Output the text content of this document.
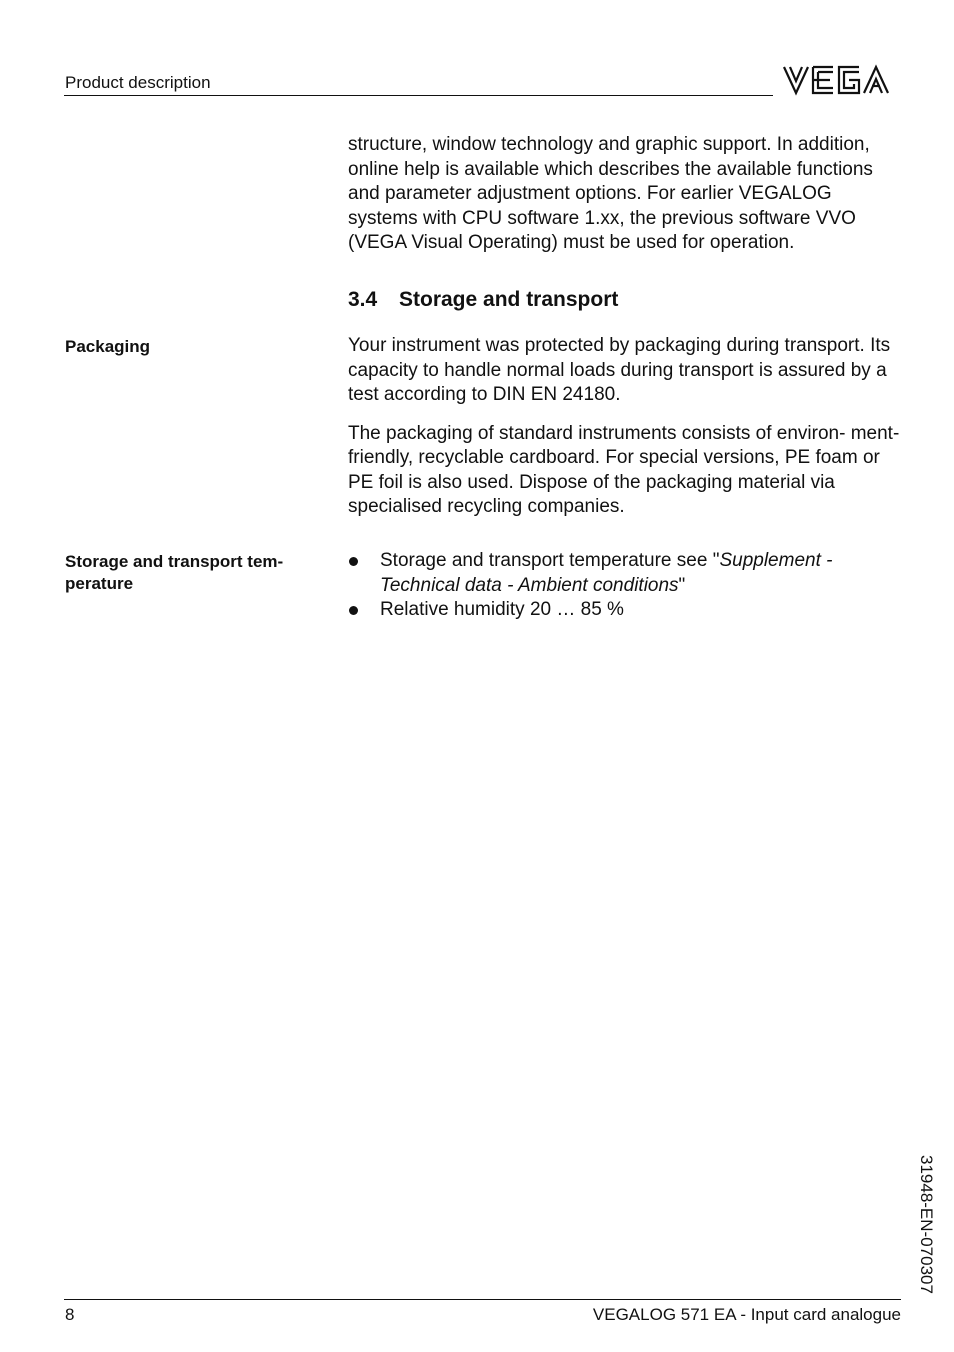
Product description

structure, window technology and graphic support. In addition, online help is available which describes the available functions and parameter adjustment options. For earlier VEGALOG systems with CPU software 1.xx, the previous software VVO (VEGA Visual Operating) must be used for operation.

3.4 Storage and transport
Packaging	Your instrument was protected by packaging during transport. Its capacity to handle normal loads during transport is assured by a test according to DIN EN 24180.

The packaging of standard instruments consists of environ- ment-friendly, recyclable cardboard. For special versions, PE foam or PE foil is also used. Dispose of the packaging material via specialised recycling companies.

Storage and transport tem- perature
Storage and transport temperature see "Supplement - Technical data - Ambient conditions"
Relative humidity 20 … 85 %
31948-EN-070307
8	VEGALOG 571 EA - Input card analogue
